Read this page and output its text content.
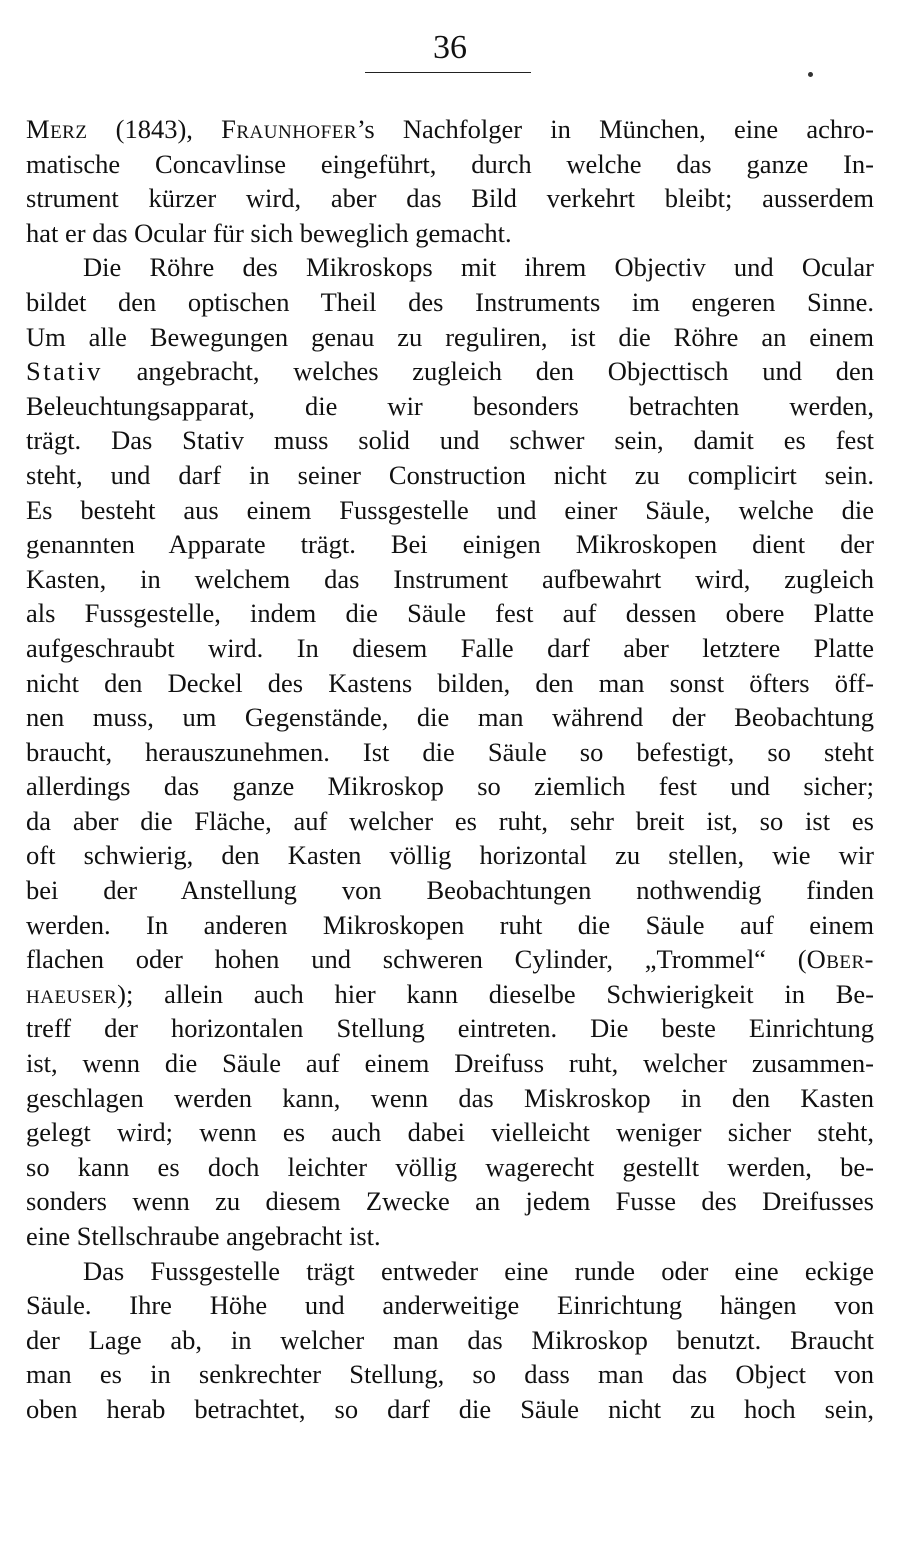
36
Merz (1843), Fraunhofer’s Nachfolger in München, eine achro-
matische Concavlinse eingeführt, durch welche das ganze In-
strument kürzer wird, aber das Bild verkehrt bleibt; ausserdem
hat er das Ocular für sich beweglich gemacht.
Die Röhre des Mikroskops mit ihrem Objectiv und Ocular
bildet den optischen Theil des Instruments im engeren Sinne.
Um alle Bewegungen genau zu reguliren, ist die Röhre an einem
Stativ angebracht, welches zugleich den Objecttisch und den
Beleuchtungsapparat, die wir besonders betrachten werden,
trägt. Das Stativ muss solid und schwer sein, damit es fest
steht, und darf in seiner Construction nicht zu complicirt sein.
Es besteht aus einem Fussgestelle und einer Säule, welche die
genannten Apparate trägt. Bei einigen Mikroskopen dient der
Kasten, in welchem das Instrument aufbewahrt wird, zugleich
als Fussgestelle, indem die Säule fest auf dessen obere Platte
aufgeschraubt wird. In diesem Falle darf aber letztere Platte
nicht den Deckel des Kastens bilden, den man sonst öfters öff-
nen muss, um Gegenstände, die man während der Beobachtung
braucht, herauszunehmen. Ist die Säule so befestigt, so steht
allerdings das ganze Mikroskop so ziemlich fest und sicher;
da aber die Fläche, auf welcher es ruht, sehr breit ist, so ist es
oft schwierig, den Kasten völlig horizontal zu stellen, wie wir
bei der Anstellung von Beobachtungen nothwendig finden
werden. In anderen Mikroskopen ruht die Säule auf einem
flachen oder hohen und schweren Cylinder, „Trommel“ (Ober-
haeuser); allein auch hier kann dieselbe Schwierigkeit in Be-
treff der horizontalen Stellung eintreten. Die beste Einrichtung
ist, wenn die Säule auf einem Dreifuss ruht, welcher zusammen-
geschlagen werden kann, wenn das Miskroskop in den Kasten
gelegt wird; wenn es auch dabei vielleicht weniger sicher steht,
so kann es doch leichter völlig wagerecht gestellt werden, be-
sonders wenn zu diesem Zwecke an jedem Fusse des Dreifusses
eine Stellschraube angebracht ist.
Das Fussgestelle trägt entweder eine runde oder eine eckige
Säule. Ihre Höhe und anderweitige Einrichtung hängen von
der Lage ab, in welcher man das Mikroskop benutzt. Braucht
man es in senkrechter Stellung, so dass man das Object von
oben herab betrachtet, so darf die Säule nicht zu hoch sein,
